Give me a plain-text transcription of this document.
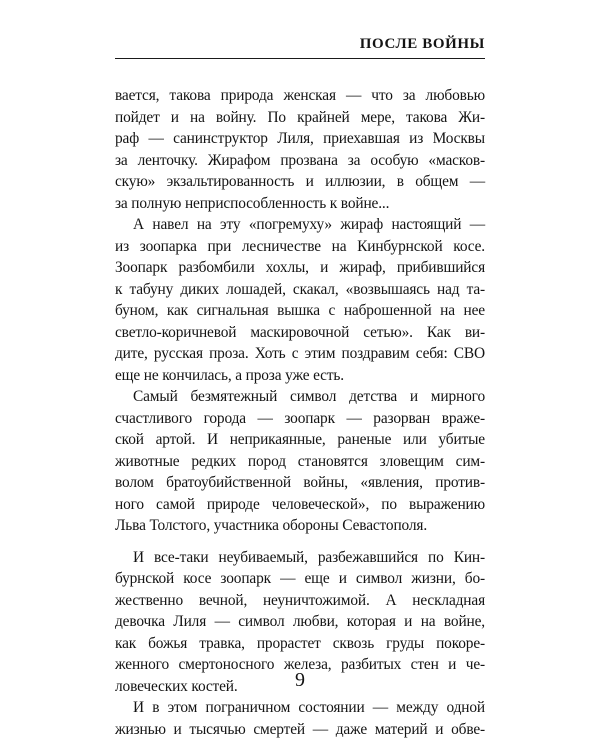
ПОСЛЕ ВОЙНЫ

вается, такова природа женская — что за любовью
пойдет и на войну. По крайней мере, такова Жи-
раф — санинструктор Лиля, приехавшая из Москвы
за ленточку. Жирафом прозвана за особую «масков-
скую» экзальтированность и иллюзии, в общем —
за полную неприспособленность к войне...

А навел на эту «погремуху» жираф настоящий —
из зоопарка при лесничестве на Кинбурнской косе.
Зоопарк разбомбили хохлы, и жираф, прибившийся
к табуну диких лошадей, скакал, «возвышаясь над та-
буном, как сигнальная вышка с наброшенной на нее
светло-коричневой маскировочной сетью». Как ви-
дите, русская проза. Хоть с этим поздравим себя: СВО
еще не кончилась, а проза уже есть.

Самый безмятежный символ детства и мирного
счастливого города — зоопарк — разорван враже-
ской артой. И неприкаянные, раненые или убитые
животные редких пород становятся зловещим сим-
волом братоубийственной войны, «явления, против-
ного самой природе человеческой», по выражению
Льва Толстого, участника обороны Севастополя.

И все-таки неубиваемый, разбежавшийся по Кин-
бурнской косе зоопарк — еще и символ жизни, бо-
жественно вечной, неуничтожимой. А нескладная
девочка Лиля — символ любви, которая и на войне,
как божья травка, прорастет сквозь груды покоре-
женного смертоносного железа, разбитых стен и че-
ловеческих костей.

И в этом пограничном состоянии — между одной
жизнью и тысячью смертей — даже материй и обве-

9
